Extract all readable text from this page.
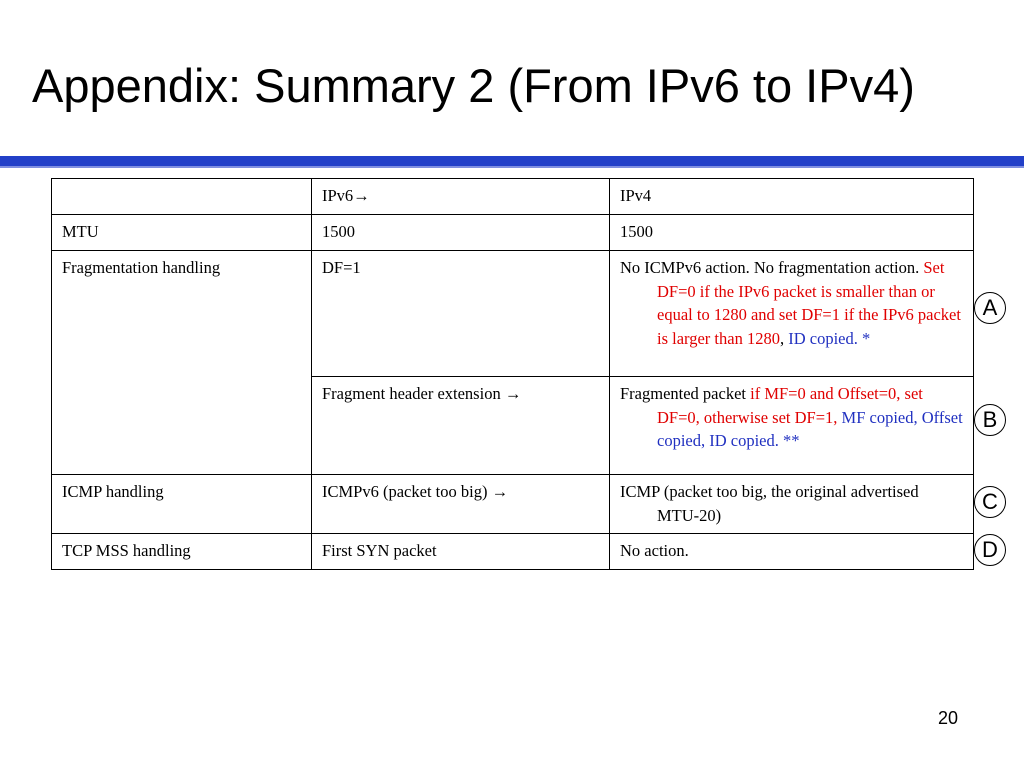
Appendix: Summary 2 (From IPv6 to IPv4)
	IPv6→	IPv4
MTU	1500	1500
Fragmentation handling	DF=1	No ICMPv6 action. No fragmentation action. Set DF=0 if the IPv6 packet is smaller than or equal to 1280 and set DF=1 if the IPv6 packet is larger than 1280, ID copied. *

	Fragment header extension →	Fragmented packet if MF=0 and Offset=0, set DF=0, otherwise set DF=1, MF copied, Offset copied, ID copied. **

ICMP handling	ICMPv6 (packet too big) →	ICMP (packet too big, the original advertised MTU-20)

TCP MSS handling	First SYN packet	No action.
A
B
C
D
20
